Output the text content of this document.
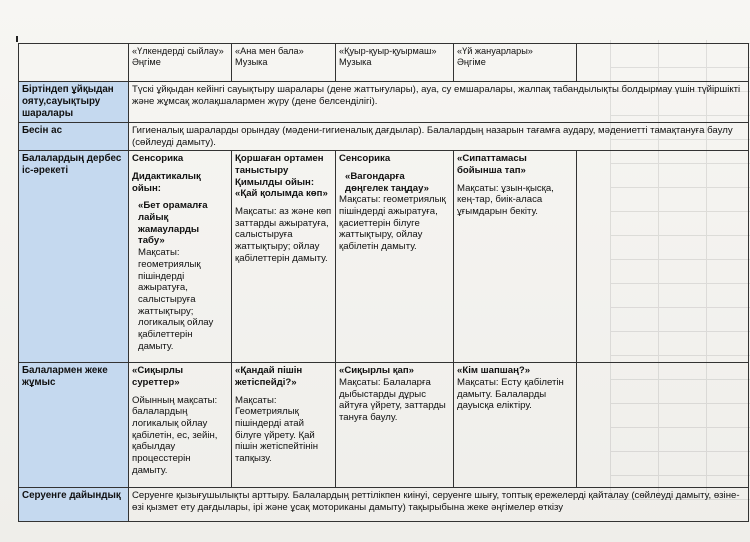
	«Үлкендерді сыйлау»
Әңгіме	«Ана мен бала»
Музыка	«Қуыр-қуыр-қуырмаш»
Музыка	«Үй жануарлары»
Әңгіме	

Біртіндеп ұйқыдан ояту,сауықтыру шаралары	Түскі ұйқыдан кейінгі сауықтыру шаралары (дене жаттығулары), ауа, су емшаралары, жалпақ табандылықты болдырмау үшін түйіршікті және жұмсақ жолақшалармен жүру (дене белсенділігі).				
Бесін ас	Гигиеналық шараларды орындау (мәдени-гигиеналық дағдылар). Балалардың назарын тағамға аудару, мәдениетті тамақтануға баулу (сөйлеуді дамыту).				
Балалардың дербес іс-әрекеті	Сенсорика
Дидактикалық ойын:
«Бет орамалға лайық жамауларды табу»
Мақсаты: геометриялық пішіндерді ажыратуға, салыстыруға жаттықтыру; логикалық ойлау қабілеттерін дамыту.	Қоршаған ортамен таныстыру
Қимылды ойын:
«Қай қолымда көп»
Мақсаты: аз және көп заттарды ажыратуға, салыстыруға жаттықтыру; ойлау қабілеттерін дамыту.	Сенсорика
«Вагондарға дөңгелек таңдау»
Мақсаты: геометриялық пішіндерді ажыратуға, қасиеттерін білуге жаттықтыру, ойлау қабілетін дамыту.	«Сипаттамасы бойынша тап»
Мақсаты: ұзын-қысқа, кең-тар, биік-аласа ұғымдарын бекіту.	

Балалармен жеке жұмыс	«Сиқырлы суреттер»
Ойынның мақсаты: балалардың логикалық ойлау қабілетін, ес, зейін, қабылдау процесстерін дамыту.	«Қандай пішін жетіспейді?»
Мақсаты: Геометриялық пішіндерді атай білуге үйрету. Қай пішін жетіспейтінін тапқызу.	«Сиқырлы қап»
Мақсаты: Балаларға дыбыстарды дұрыс айтуға үйрету, заттарды тануға баулу.	«Кім шапшаң?»
Мақсаты: Есту қабілетін дамыту. Балаларды дауысқа еліктіру.	

Серуенге дайындық	Серуенге қызығушылықты арттыру. Балалардың реттілікпен киінуі, серуенге шығу, топтық ережелерді қайталау (сөйлеуді дамыту, өзіне-өзі қызмет ету дағдылары, ірі және ұсақ моториканы дамыту) тақырыбына жеке әңгімелер өткізу				
